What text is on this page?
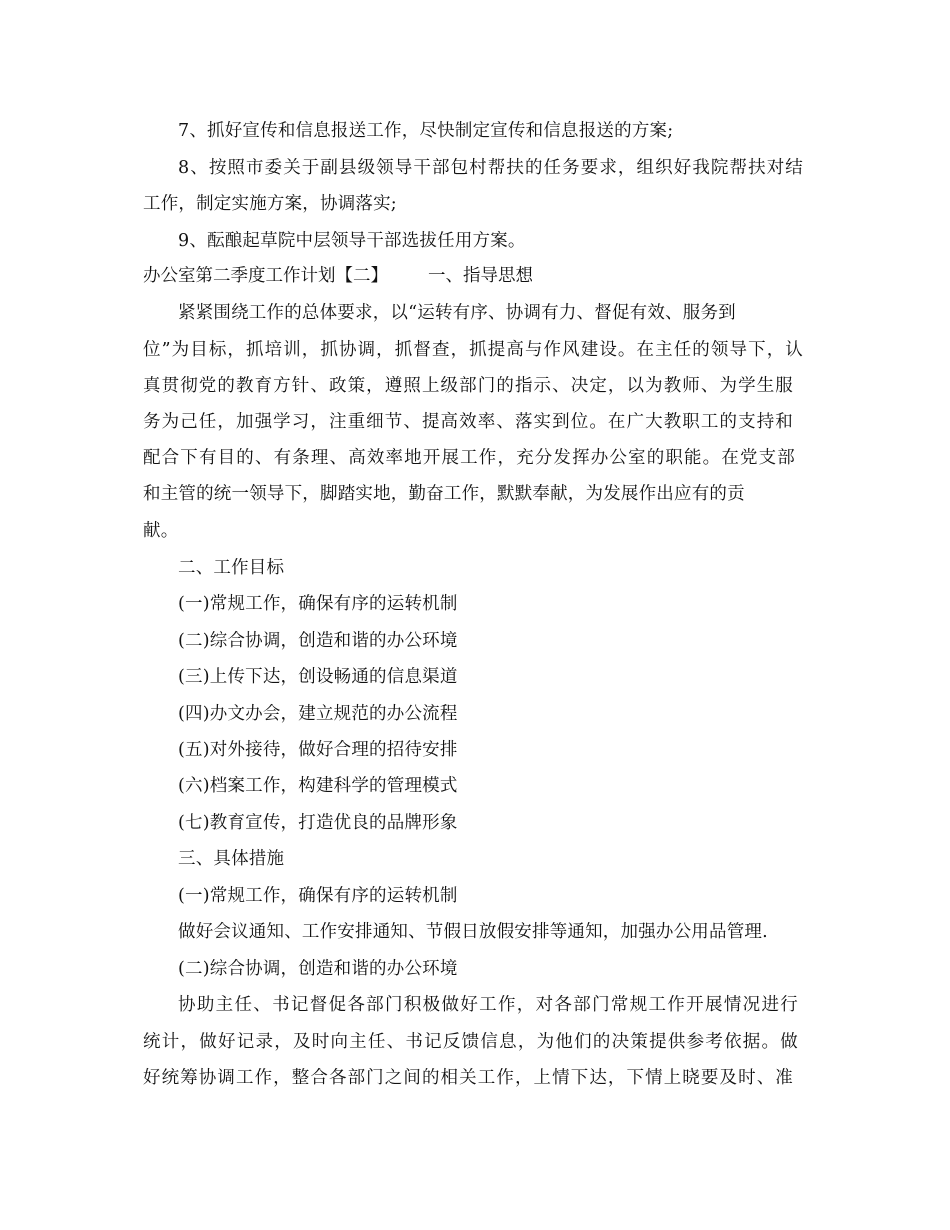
7、抓好宣传和信息报送工作，尽快制定宣传和信息报送的方案;
8、按照市委关于副县级领导干部包村帮扶的任务要求，组织好我院帮扶对结
工作，制定实施方案，协调落实;
9、酝酿起草院中层领导干部选拔任用方案。
办公室第二季度工作计划【二】 一、指导思想
紧紧围绕工作的总体要求，以“运转有序、协调有力、督促有效、服务到
位”为目标，抓培训，抓协调，抓督查，抓提高与作风建设。在主任的领导下，认
真贯彻党的教育方针、政策，遵照上级部门的指示、决定，以为教师、为学生服
务为己任，加强学习，注重细节、提高效率、落实到位。在广大教职工的支持和
配合下有目的、有条理、高效率地开展工作，充分发挥办公室的职能。在党支部
和主管的统一领导下，脚踏实地，勤奋工作，默默奉献，为发展作出应有的贡
献。
二、工作目标
(一)常规工作，确保有序的运转机制
(二)综合协调，创造和谐的办公环境
(三)上传下达，创设畅通的信息渠道
(四)办文办会，建立规范的办公流程
(五)对外接待，做好合理的招待安排
(六)档案工作，构建科学的管理模式
(七)教育宣传，打造优良的品牌形象
三、具体措施
(一)常规工作，确保有序的运转机制
做好会议通知、工作安排通知、节假日放假安排等通知，加强办公用品管理.
(二)综合协调，创造和谐的办公环境
协助主任、书记督促各部门积极做好工作，对各部门常规工作开展情况进行
统计，做好记录，及时向主任、书记反馈信息，为他们的决策提供参考依据。做
好统筹协调工作，整合各部门之间的相关工作，上情下达，下情上晓要及时、准
